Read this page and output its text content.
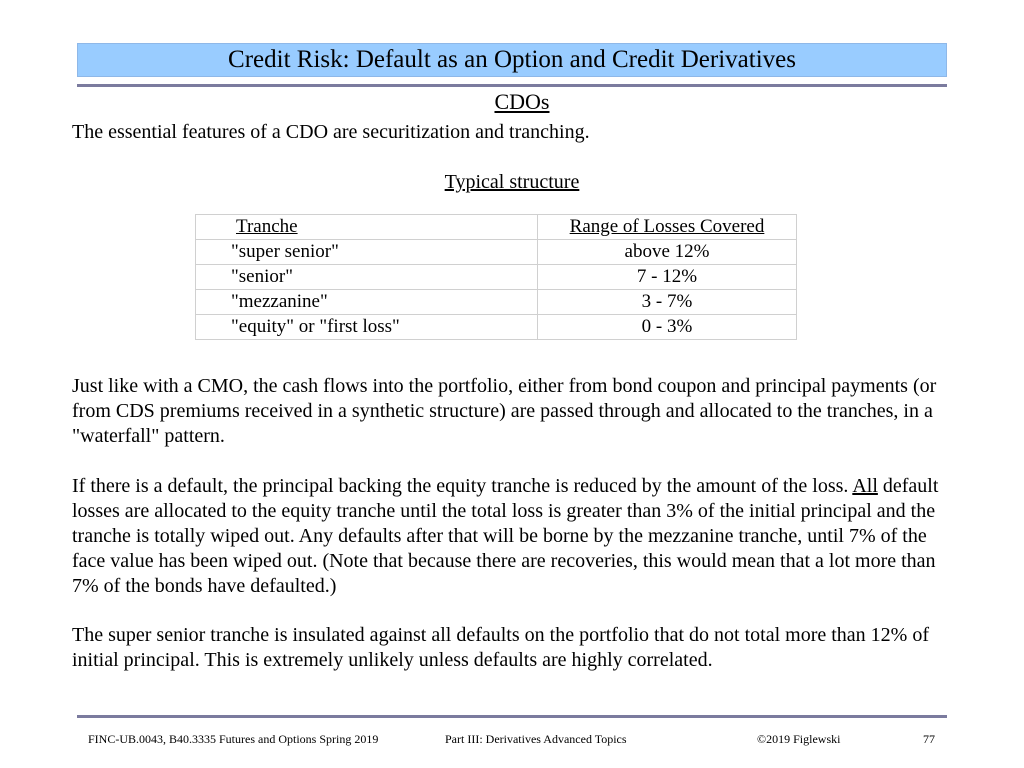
Credit Risk: Default as an Option and Credit Derivatives
CDOs
The essential features of a CDO are securitization and tranching.
Typical structure
Tranche	Range of Losses Covered
"super senior"	above 12%
"senior"	7 - 12%
"mezzanine"	3 - 7%
"equity" or "first loss"	0 - 3%
Just like with a CMO, the cash flows into the portfolio, either from bond coupon and principal payments (or from CDS premiums received in a synthetic structure) are passed through and allocated to the tranches, in a "waterfall" pattern.
If there is a default, the principal backing the equity tranche is reduced by the amount of the loss. All default losses are allocated to the equity tranche until the total loss is greater than 3% of the initial principal and the tranche is totally wiped out. Any defaults after that will be borne by the mezzanine tranche, until 7% of the face value has been wiped out. (Note that because there are recoveries, this would mean that a lot more than 7% of the bonds have defaulted.)
The super senior tranche is insulated against all defaults on the portfolio that do not total more than 12% of initial principal. This is extremely unlikely unless defaults are highly correlated.
FINC-UB.0043, B40.3335 Futures and Options Spring 2019	Part III: Derivatives Advanced Topics	©2019 Figlewski	77
